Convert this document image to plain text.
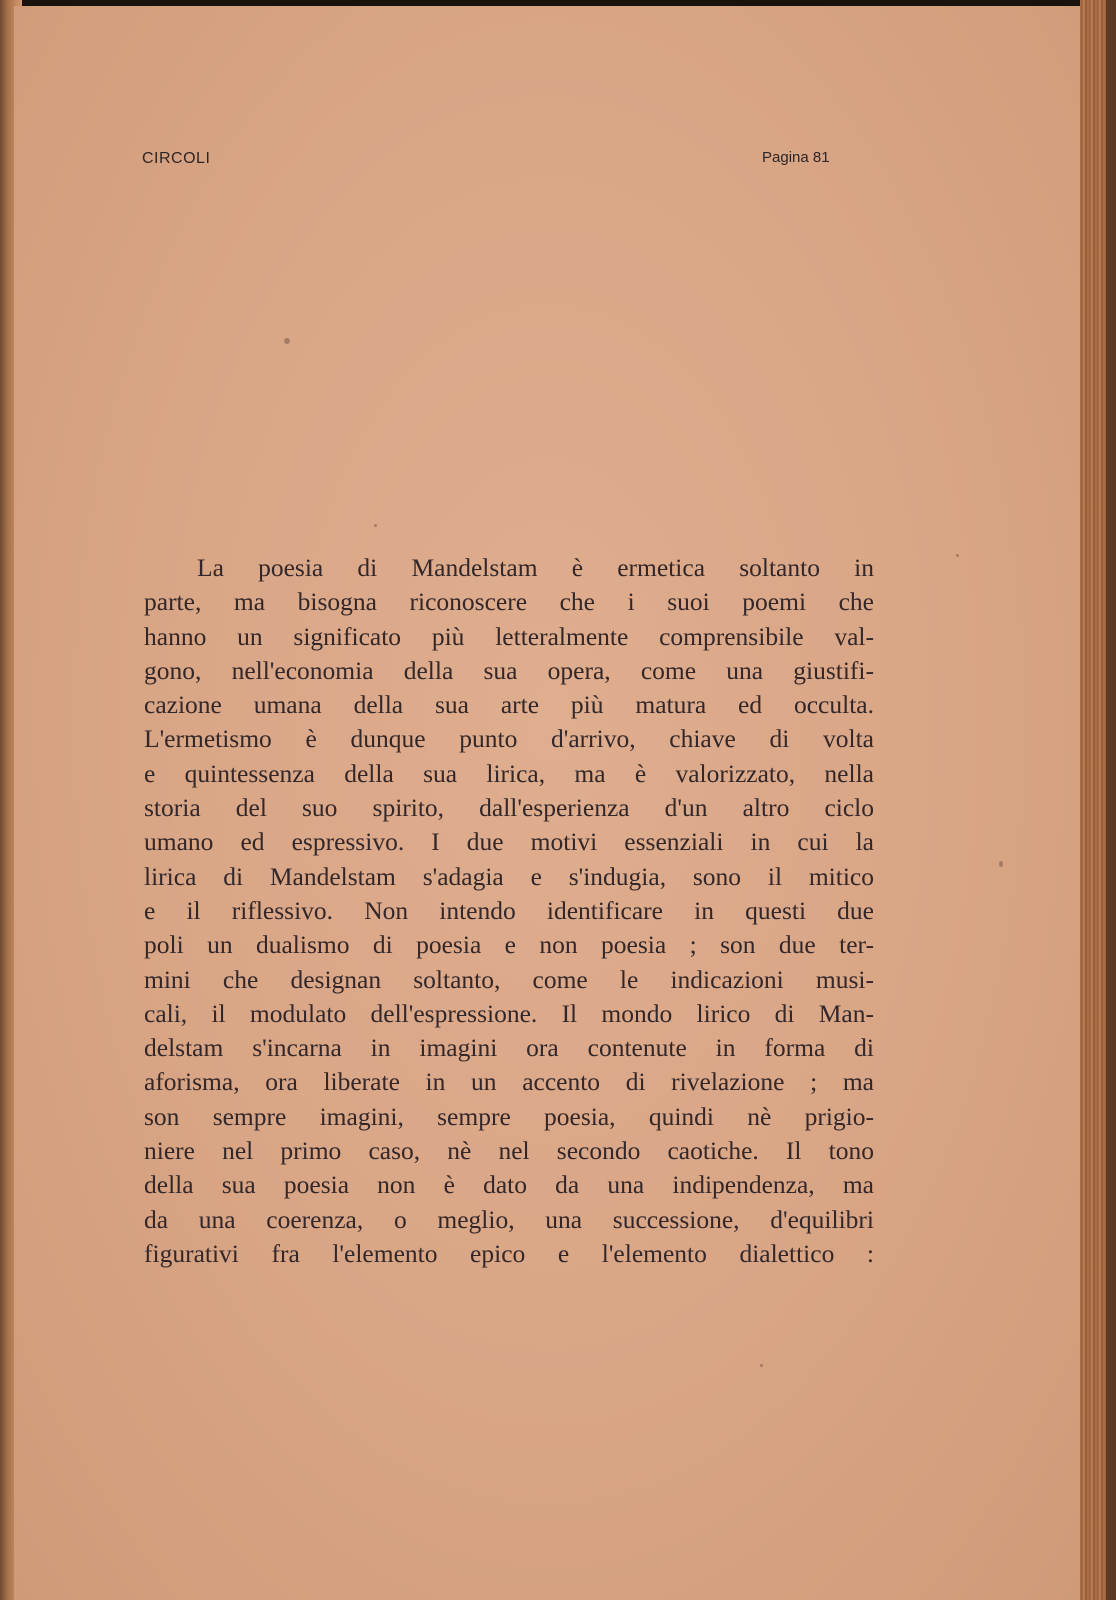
CIRCOLI	Pagina 81
La poesia di Mandelstam è ermetica soltanto in
parte, ma bisogna riconoscere che i suoi poemi che
hanno un significato più letteralmente comprensibile val-
gono, nell'economia della sua opera, come una giustifi-
cazione umana della sua arte più matura ed occulta.
L'ermetismo è dunque punto d'arrivo, chiave di volta
e quintessenza della sua lirica, ma è valorizzato, nella
storia del suo spirito, dall'esperienza d'un altro ciclo
umano ed espressivo. I due motivi essenziali in cui la
lirica di Mandelstam s'adagia e s'indugia, sono il mitico
e il riflessivo. Non intendo identificare in questi due
poli un dualismo di poesia e non poesia ; son due ter-
mini che designan soltanto, come le indicazioni musi-
cali, il modulato dell'espressione. Il mondo lirico di Man-
delstam s'incarna in imagini ora contenute in forma di
aforisma, ora liberate in un accento di rivelazione ; ma
son sempre imagini, sempre poesia, quindi nè prigio-
niere nel primo caso, nè nel secondo caotiche. Il tono
della sua poesia non è dato da una indipendenza, ma
da una coerenza, o meglio, una successione, d'equilibri
figurativi fra l'elemento epico e l'elemento dialettico :
